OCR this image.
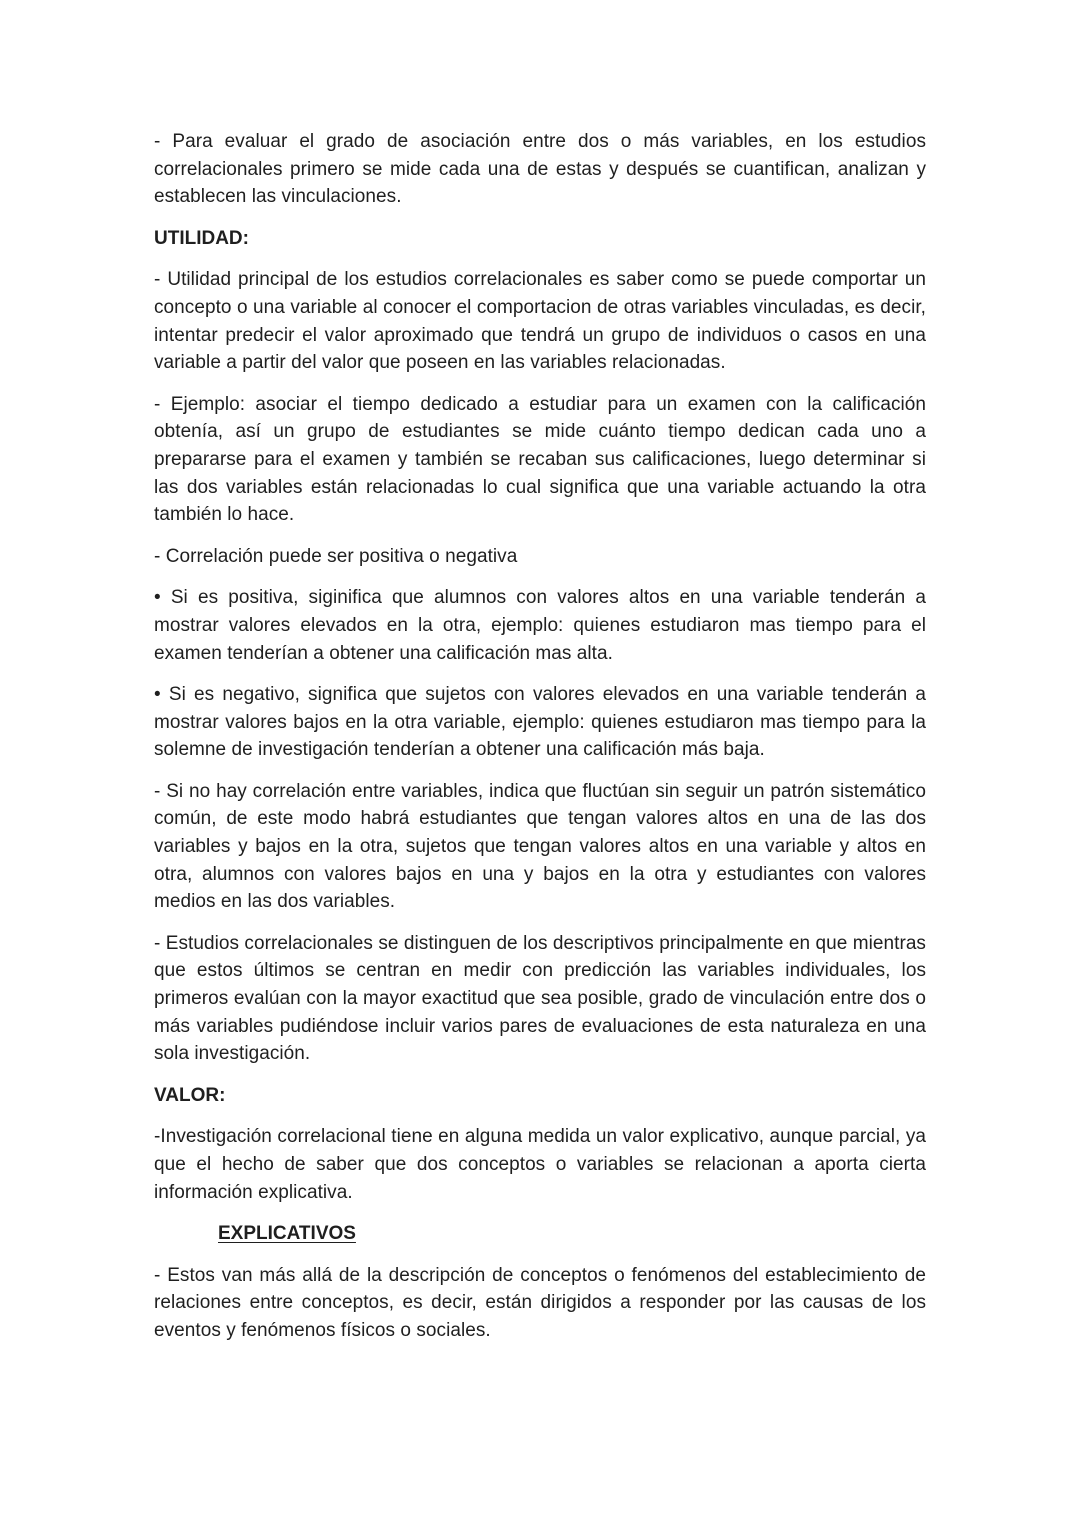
- Para evaluar el grado de asociación entre dos o más variables, en los estudios correlacionales primero se mide cada una de estas y después se cuantifican, analizan y establecen las vinculaciones.

UTILIDAD:

- Utilidad principal de los estudios correlacionales es saber como se puede comportar un concepto o una variable al conocer el comportacion de otras variables vinculadas, es decir, intentar predecir el valor aproximado que tendrá un grupo de individuos o casos en una variable a partir del valor que poseen en las variables relacionadas.

- Ejemplo: asociar el tiempo dedicado a estudiar para un examen con la calificación obtenía, así un grupo de estudiantes se mide cuánto tiempo dedican cada uno a prepararse para el examen y también se recaban sus calificaciones, luego determinar si las dos variables están relacionadas lo cual significa que una variable actuando la otra también lo hace.

- Correlación puede ser positiva o negativa

• Si es positiva, siginifica que alumnos con valores altos en una variable tenderán a mostrar valores elevados en la otra, ejemplo: quienes estudiaron mas tiempo para el examen tenderían a obtener una calificación mas alta.

• Si es negativo, significa que sujetos con valores elevados en una variable tenderán a mostrar valores bajos en la otra variable, ejemplo: quienes estudiaron mas tiempo para la solemne de investigación tenderían a obtener una calificación más baja.

- Si no hay correlación entre variables, indica que fluctúan sin seguir un patrón sistemático común, de este modo habrá estudiantes que tengan valores altos en una de las dos variables y bajos en la otra, sujetos que tengan valores altos en una variable y altos en otra, alumnos con valores bajos en una y bajos en la otra y estudiantes con valores medios en las dos variables.

- Estudios correlacionales se distinguen de los descriptivos principalmente en que mientras que estos últimos se centran en medir con predicción las variables individuales, los primeros evalúan con la mayor exactitud que sea posible, grado de vinculación entre dos o más variables pudiéndose incluir varios pares de evaluaciones de esta naturaleza en una sola investigación.

VALOR:

-Investigación correlacional tiene en alguna medida un valor explicativo, aunque parcial, ya que el hecho de saber que dos conceptos o variables se relacionan a aporta cierta información explicativa.

EXPLICATIVOS

- Estos van más allá de la descripción de conceptos o fenómenos del establecimiento de relaciones entre conceptos, es decir, están dirigidos a responder por las causas de los eventos y fenómenos físicos o sociales.
